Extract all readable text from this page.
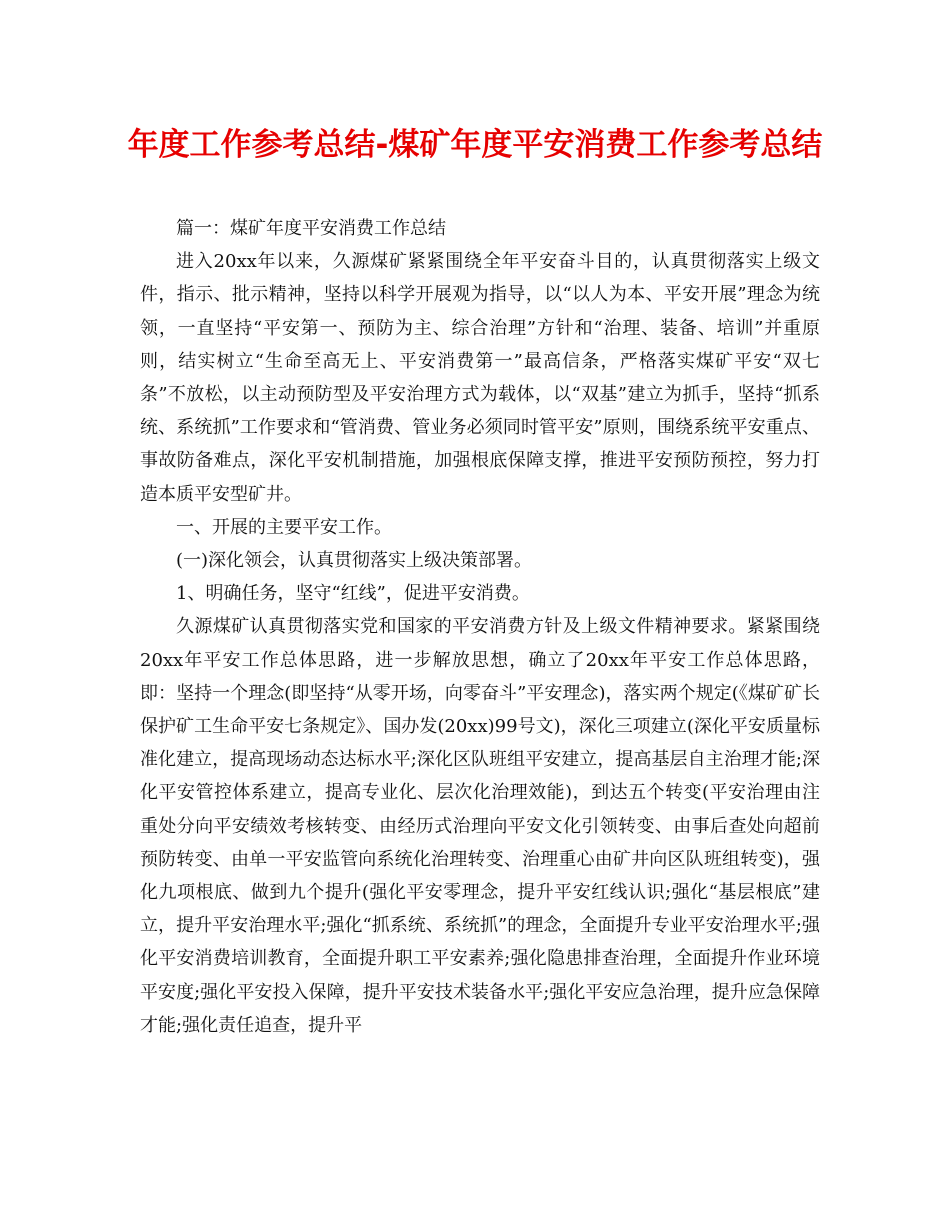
年度工作参考总结-煤矿年度平安消费工作参考总结

篇一：煤矿年度平安消费工作总结

进入20xx年以来，久源煤矿紧紧围绕全年平安奋斗目的，认真贯彻落实上级文件，指示、批示精神，坚持以科学开展观为指导，以“以人为本、平安开展”理念为统领，一直坚持“平安第一、预防为主、综合治理”方针和“治理、装备、培训”并重原则，结实树立“生命至高无上、平安消费第一”最高信条，严格落实煤矿平安“双七条”不放松，以主动预防型及平安治理方式为载体，以“双基”建立为抓手，坚持“抓系统、系统抓”工作要求和“管消费、管业务必须同时管平安”原则，围绕系统平安重点、事故防备难点，深化平安机制措施，加强根底保障支撑，推进平安预防预控，努力打造本质平安型矿井。

一、开展的主要平安工作。

(一)深化领会，认真贯彻落实上级决策部署。

1、明确任务，坚守“红线”，促进平安消费。

久源煤矿认真贯彻落实党和国家的平安消费方针及上级文件精神要求。紧紧围绕20xx年平安工作总体思路，进一步解放思想，确立了20xx年平安工作总体思路，即：坚持一个理念(即坚持“从零开场，向零奋斗”平安理念)，落实两个规定(《煤矿矿长保护矿工生命平安七条规定》、国办发(20xx)99号文)，深化三项建立(深化平安质量标准化建立，提高现场动态达标水平;深化区队班组平安建立，提高基层自主治理才能;深化平安管控体系建立，提高专业化、层次化治理效能)，到达五个转变(平安治理由注重处分向平安绩效考核转变、由经历式治理向平安文化引领转变、由事后查处向超前预防转变、由单一平安监管向系统化治理转变、治理重心由矿井向区队班组转变)，强化九项根底、做到九个提升(强化平安零理念，提升平安红线认识;强化“基层根底”建立，提升平安治理水平;强化“抓系统、系统抓”的理念，全面提升专业平安治理水平;强化平安消费培训教育，全面提升职工平安素养;强化隐患排查治理，全面提升作业环境平安度;强化平安投入保障，提升平安技术装备水平;强化平安应急治理，提升应急保障才能;强化责任追查，提升平
